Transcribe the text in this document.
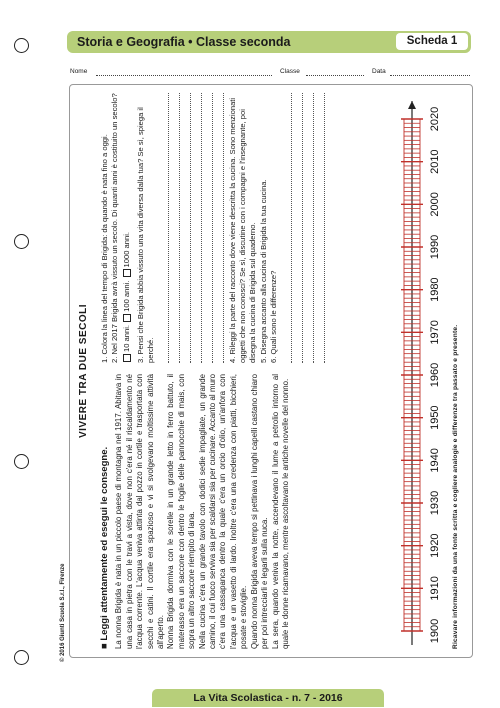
Storia e Geografia • Classe seconda	Scheda 1
Nome	Classe	Data
© 2016 Giunti Scuola S.r.l., Firenze
VIVERE TRA DUE SECOLI
■ Leggi attentamente ed esegui le consegne. La nonna Brigida è nata in un piccolo paese di montagna nel 1917. Abitava in una casa in pietra con le travi a vista, dove non c'era né il riscaldamento né l'acqua corrente. L'acqua veniva attinta dal pozzo in cortile e trasportata con secchi e catini. Il cortile era spazioso e vi si svolgevano moltissime attività all'aperto. Nonna Brigida dormiva con le sorelle in un grande letto in ferro battuto, il materasso era un saccone con dentro le foglie delle pannocchie di mais, con sopra un altro saccone riempito di lana. Nella cucina c'era un grande tavolo con dodici sedie impagliate, un grande camino, il cui fuoco serviva sia per scaldarsi sia per cucinare. Accanto al muro c'era una cassapanca dentro la quale c'era un orcio d'olio, un'anfora con l'acqua e un vasetto di lardo. Inoltre c'era una credenza con piatti, bicchieri, posate e stoviglie. Quando nonna Brigida aveva tempo si pettinava i lunghi capelli castano chiaro per poi intrecciarli e legarli sulla nuca. La sera, quando veniva la notte, accendevano il lume a petrolio intorno al quale le donne ricamavano, mentre ascoltavano le antiche novelle del nonno.

1. Colora la linea del tempo di Brigida: da quando è nata fino a oggi. 2. Nel 2017 Brigida avrà vissuto un secolo. Di quanti anni è costituito un secolo? 10 anni. 100 anni. 1000 anni. 3. Pensi che Brigida abbia vissuto una vita diversa dalla tua? Se sì, spiega il perché.	4. Rileggi la parte del racconto dove viene descritta la cucina. Sono menzionati oggetti che non conosci? Se sì, discutine con i compagni e l'insegnante, poi disegna la cucina di Brigida sul quaderno. 5. Disegna accanto alla cucina di Brigida la tua cucina. 6. Quali sono le differenze?

1900
1910
1920
1930
1940
1950
1960
1970
1980
1990
2000
2010
2020
Ricavare informazioni da una fonte scritta e cogliere analogie e differenze tra passato e presente.
La Vita Scolastica - n. 7 - 2016
